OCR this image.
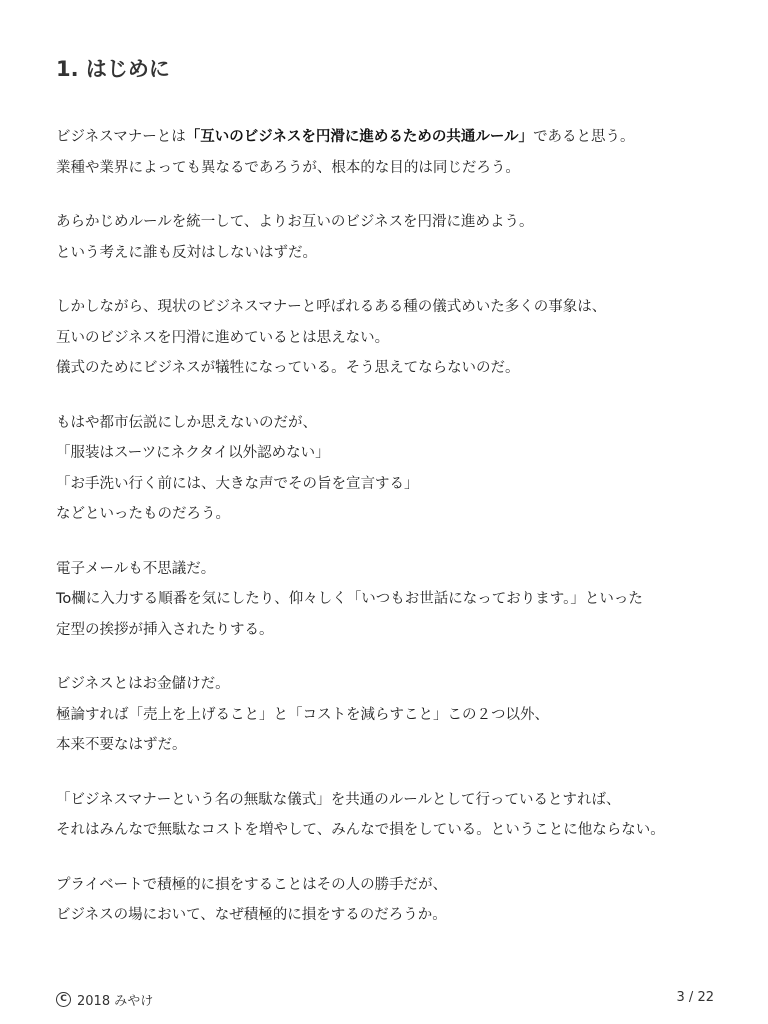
1. はじめに
ビジネスマナーとは「互いのビジネスを円滑に進めるための共通ルール」であると思う。
業種や業界によっても異なるであろうが、根本的な目的は同じだろう。
あらかじめルールを統一して、よりお互いのビジネスを円滑に進めよう。
という考えに誰も反対はしないはずだ。
しかしながら、現状のビジネスマナーと呼ばれるある種の儀式めいた多くの事象は、
互いのビジネスを円滑に進めているとは思えない。
儀式のためにビジネスが犠牲になっている。そう思えてならないのだ。
もはや都市伝説にしか思えないのだが、
「服装はスーツにネクタイ以外認めない」
「お手洗い行く前には、大きな声でその旨を宣言する」
などといったものだろう。
電子メールも不思議だ。
To欄に入力する順番を気にしたり、仰々しく「いつもお世話になっております。」といった
定型の挨拶が挿入されたりする。
ビジネスとはお金儲けだ。
極論すれば「売上を上げること」と「コストを減らすこと」この２つ以外、
本来不要なはずだ。
「ビジネスマナーという名の無駄な儀式」を共通のルールとして行っているとすれば、
それはみんなで無駄なコストを増やして、みんなで損をしている。ということに他ならない。
プライベートで積極的に損をすることはその人の勝手だが、
ビジネスの場において、なぜ積極的に損をするのだろうか。
C 2018 みやけ	3 / 22
